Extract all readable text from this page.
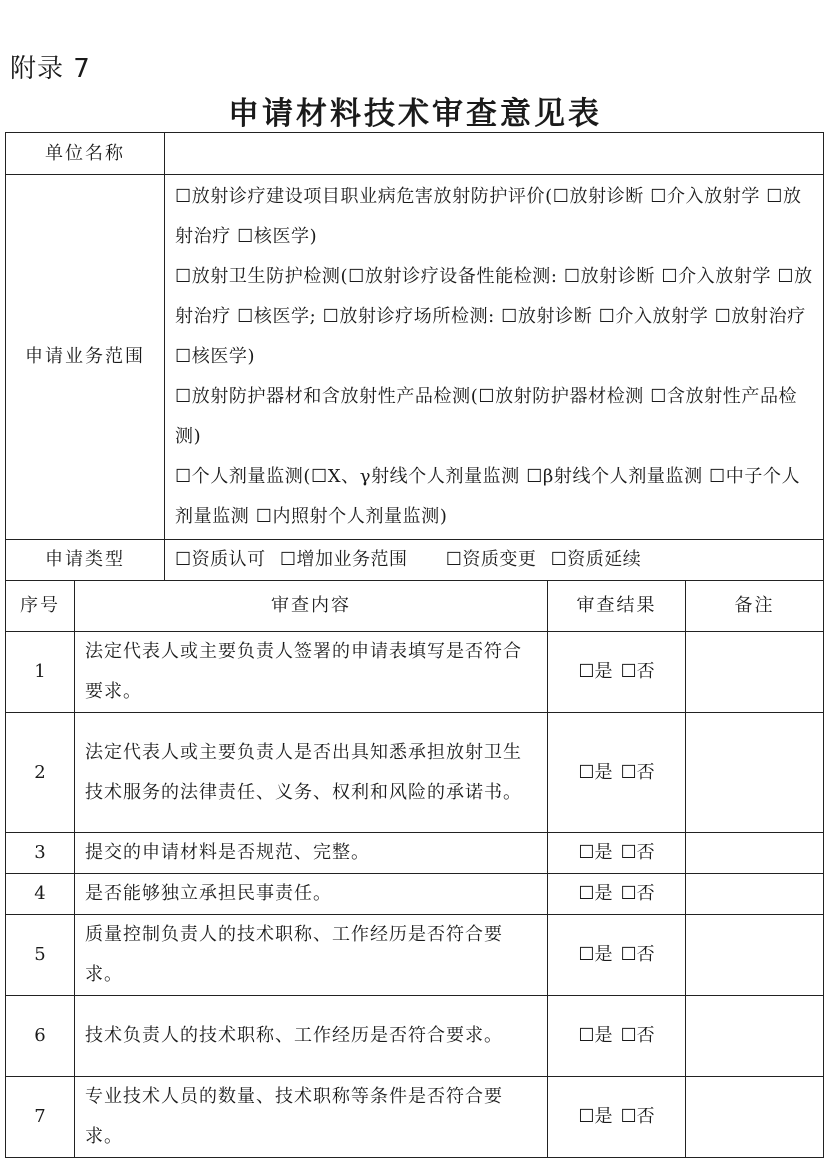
附录 7
申请材料技术审查意见表
单位名称				
申请业务范围		☐放射诊疗建设项目职业病危害放射防护评价(☐放射诊断 ☐介入放射学 ☐放射治疗 ☐核医学)

☐放射卫生防护检测(☐放射诊疗设备性能检测: ☐放射诊断 ☐介入放射学 ☐放射治疗 ☐核医学; ☐放射诊疗场所检测: ☐放射诊断 ☐介入放射学 ☐放射治疗 ☐核医学)

☐放射防护器材和含放射性产品检测(☐放射防护器材检测 ☐含放射性产品检测)

☐个人剂量监测(☐X、γ射线个人剂量监测 ☐β射线个人剂量监测 ☐中子个人剂量监测 ☐内照射个人剂量监测)		

申请类型		☐资质认可 ☐增加业务范围 ☐资质变更 ☐资质延续		
序号	审查内容		审查结果	备注
1	法定代表人或主要负责人签署的申请表填写是否符合要求。		☐是 ☐否	
2	法定代表人或主要负责人是否出具知悉承担放射卫生技术服务的法律责任、义务、权利和风险的承诺书。		☐是 ☐否	
3	提交的申请材料是否规范、完整。		☐是 ☐否	
4	是否能够独立承担民事责任。		☐是 ☐否	
5	质量控制负责人的技术职称、工作经历是否符合要求。		☐是 ☐否	
6	技术负责人的技术职称、工作经历是否符合要求。		☐是 ☐否	
7	专业技术人员的数量、技术职称等条件是否符合要求。		☐是 ☐否	
